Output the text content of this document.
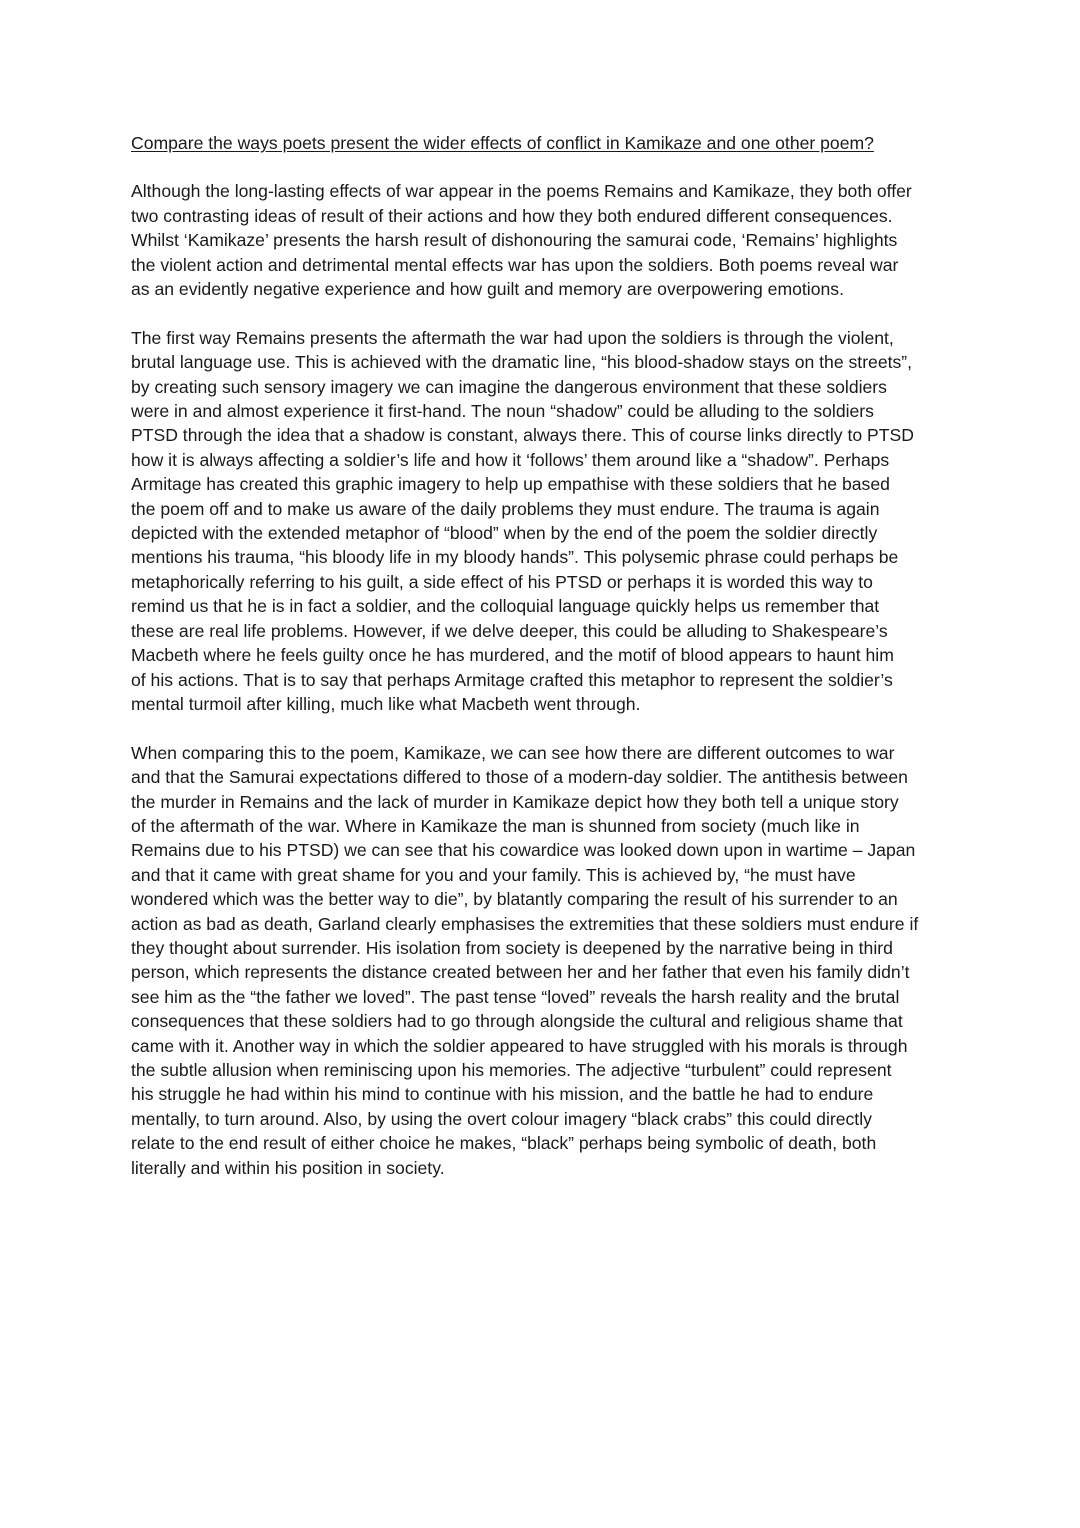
Compare the ways poets present the wider effects of conflict in Kamikaze and one other poem?
Although the long-lasting effects of war appear in the poems Remains and Kamikaze, they both offer
two contrasting ideas of result of their actions and how they both endured different consequences.
Whilst ‘Kamikaze’ presents the harsh result of dishonouring the samurai code, ‘Remains’ highlights
the violent action and detrimental mental effects war has upon the soldiers. Both poems reveal war
as an evidently negative experience and how guilt and memory are overpowering emotions.
The first way Remains presents the aftermath the war had upon the soldiers is through the violent,
brutal language use. This is achieved with the dramatic line, “his blood-shadow stays on the streets”,
by creating such sensory imagery we can imagine the dangerous environment that these soldiers
were in and almost experience it first-hand. The noun “shadow” could be alluding to the soldiers
PTSD through the idea that a shadow is constant, always there. This of course links directly to PTSD
how it is always affecting a soldier’s life and how it ‘follows’ them around like a “shadow”. Perhaps
Armitage has created this graphic imagery to help up empathise with these soldiers that he based
the poem off and to make us aware of the daily problems they must endure. The trauma is again
depicted with the extended metaphor of “blood” when by the end of the poem the soldier directly
mentions his trauma, “his bloody life in my bloody hands”. This polysemic phrase could perhaps be
metaphorically referring to his guilt, a side effect of his PTSD or perhaps it is worded this way to
remind us that he is in fact a soldier, and the colloquial language quickly helps us remember that
these are real life problems. However, if we delve deeper, this could be alluding to Shakespeare’s
Macbeth where he feels guilty once he has murdered, and the motif of blood appears to haunt him
of his actions. That is to say that perhaps Armitage crafted this metaphor to represent the soldier’s
mental turmoil after killing, much like what Macbeth went through.
When comparing this to the poem, Kamikaze, we can see how there are different outcomes to war
and that the Samurai expectations differed to those of a modern-day soldier. The antithesis between
the murder in Remains and the lack of murder in Kamikaze depict how they both tell a unique story
of the aftermath of the war. Where in Kamikaze the man is shunned from society (much like in
Remains due to his PTSD) we can see that his cowardice was looked down upon in wartime – Japan
and that it came with great shame for you and your family. This is achieved by, “he must have
wondered which was the better way to die”, by blatantly comparing the result of his surrender to an
action as bad as death, Garland clearly emphasises the extremities that these soldiers must endure if
they thought about surrender. His isolation from society is deepened by the narrative being in third
person, which represents the distance created between her and her father that even his family didn’t
see him as the “the father we loved”. The past tense “loved” reveals the harsh reality and the brutal
consequences that these soldiers had to go through alongside the cultural and religious shame that
came with it. Another way in which the soldier appeared to have struggled with his morals is through
the subtle allusion when reminiscing upon his memories. The adjective “turbulent” could represent
his struggle he had within his mind to continue with his mission, and the battle he had to endure
mentally, to turn around. Also, by using the overt colour imagery “black crabs” this could directly
relate to the end result of either choice he makes, “black” perhaps being symbolic of death, both
literally and within his position in society.
